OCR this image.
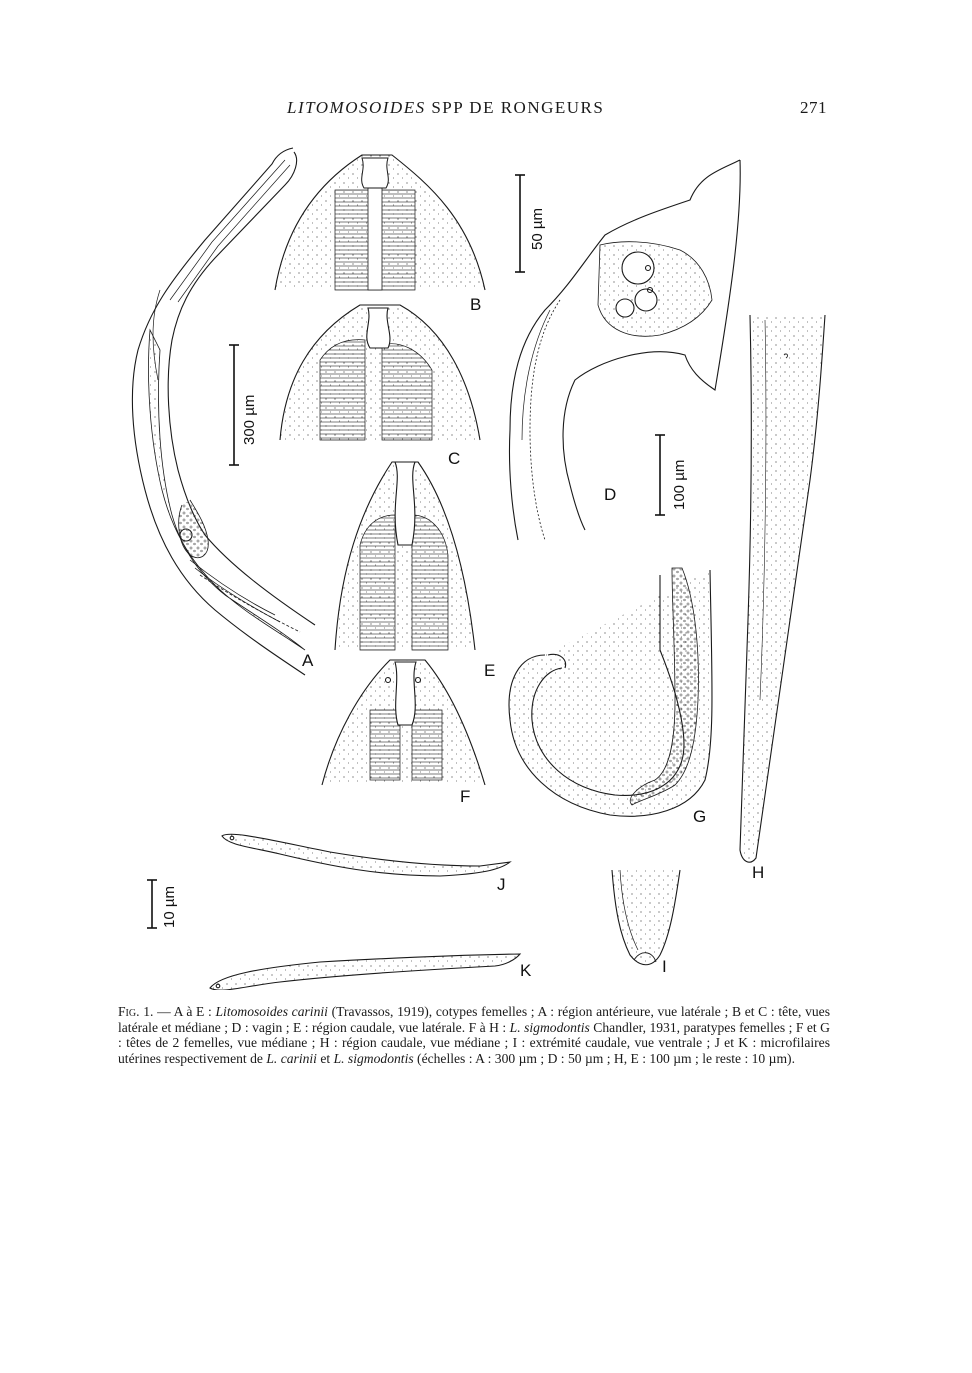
LITOMOSOIDES SPP DE RONGEURS	271
A
300 µm
B
50 µm
C
D	100 µm
E
F
G
H
I
J
K
10 µm
Fig. 1. — A à E : Litomosoides carinii (Travassos, 1919), cotypes femelles ; A : région antérieure, vue latérale ; B et C : tête, vues latérale et médiane ; D : vagin ; E : région caudale, vue latérale. F à H : L. sigmodontis Chandler, 1931, paratypes femelles ; F et G : têtes de 2 femelles, vue médiane ; H : région caudale, vue médiane ; I : extrémité caudale, vue ventrale ; J et K : microfilaires utérines respectivement de L. carinii et L. sigmodontis (échelles : A : 300 µm ; D : 50 µm ; H, E : 100 µm ; le reste : 10 µm).
